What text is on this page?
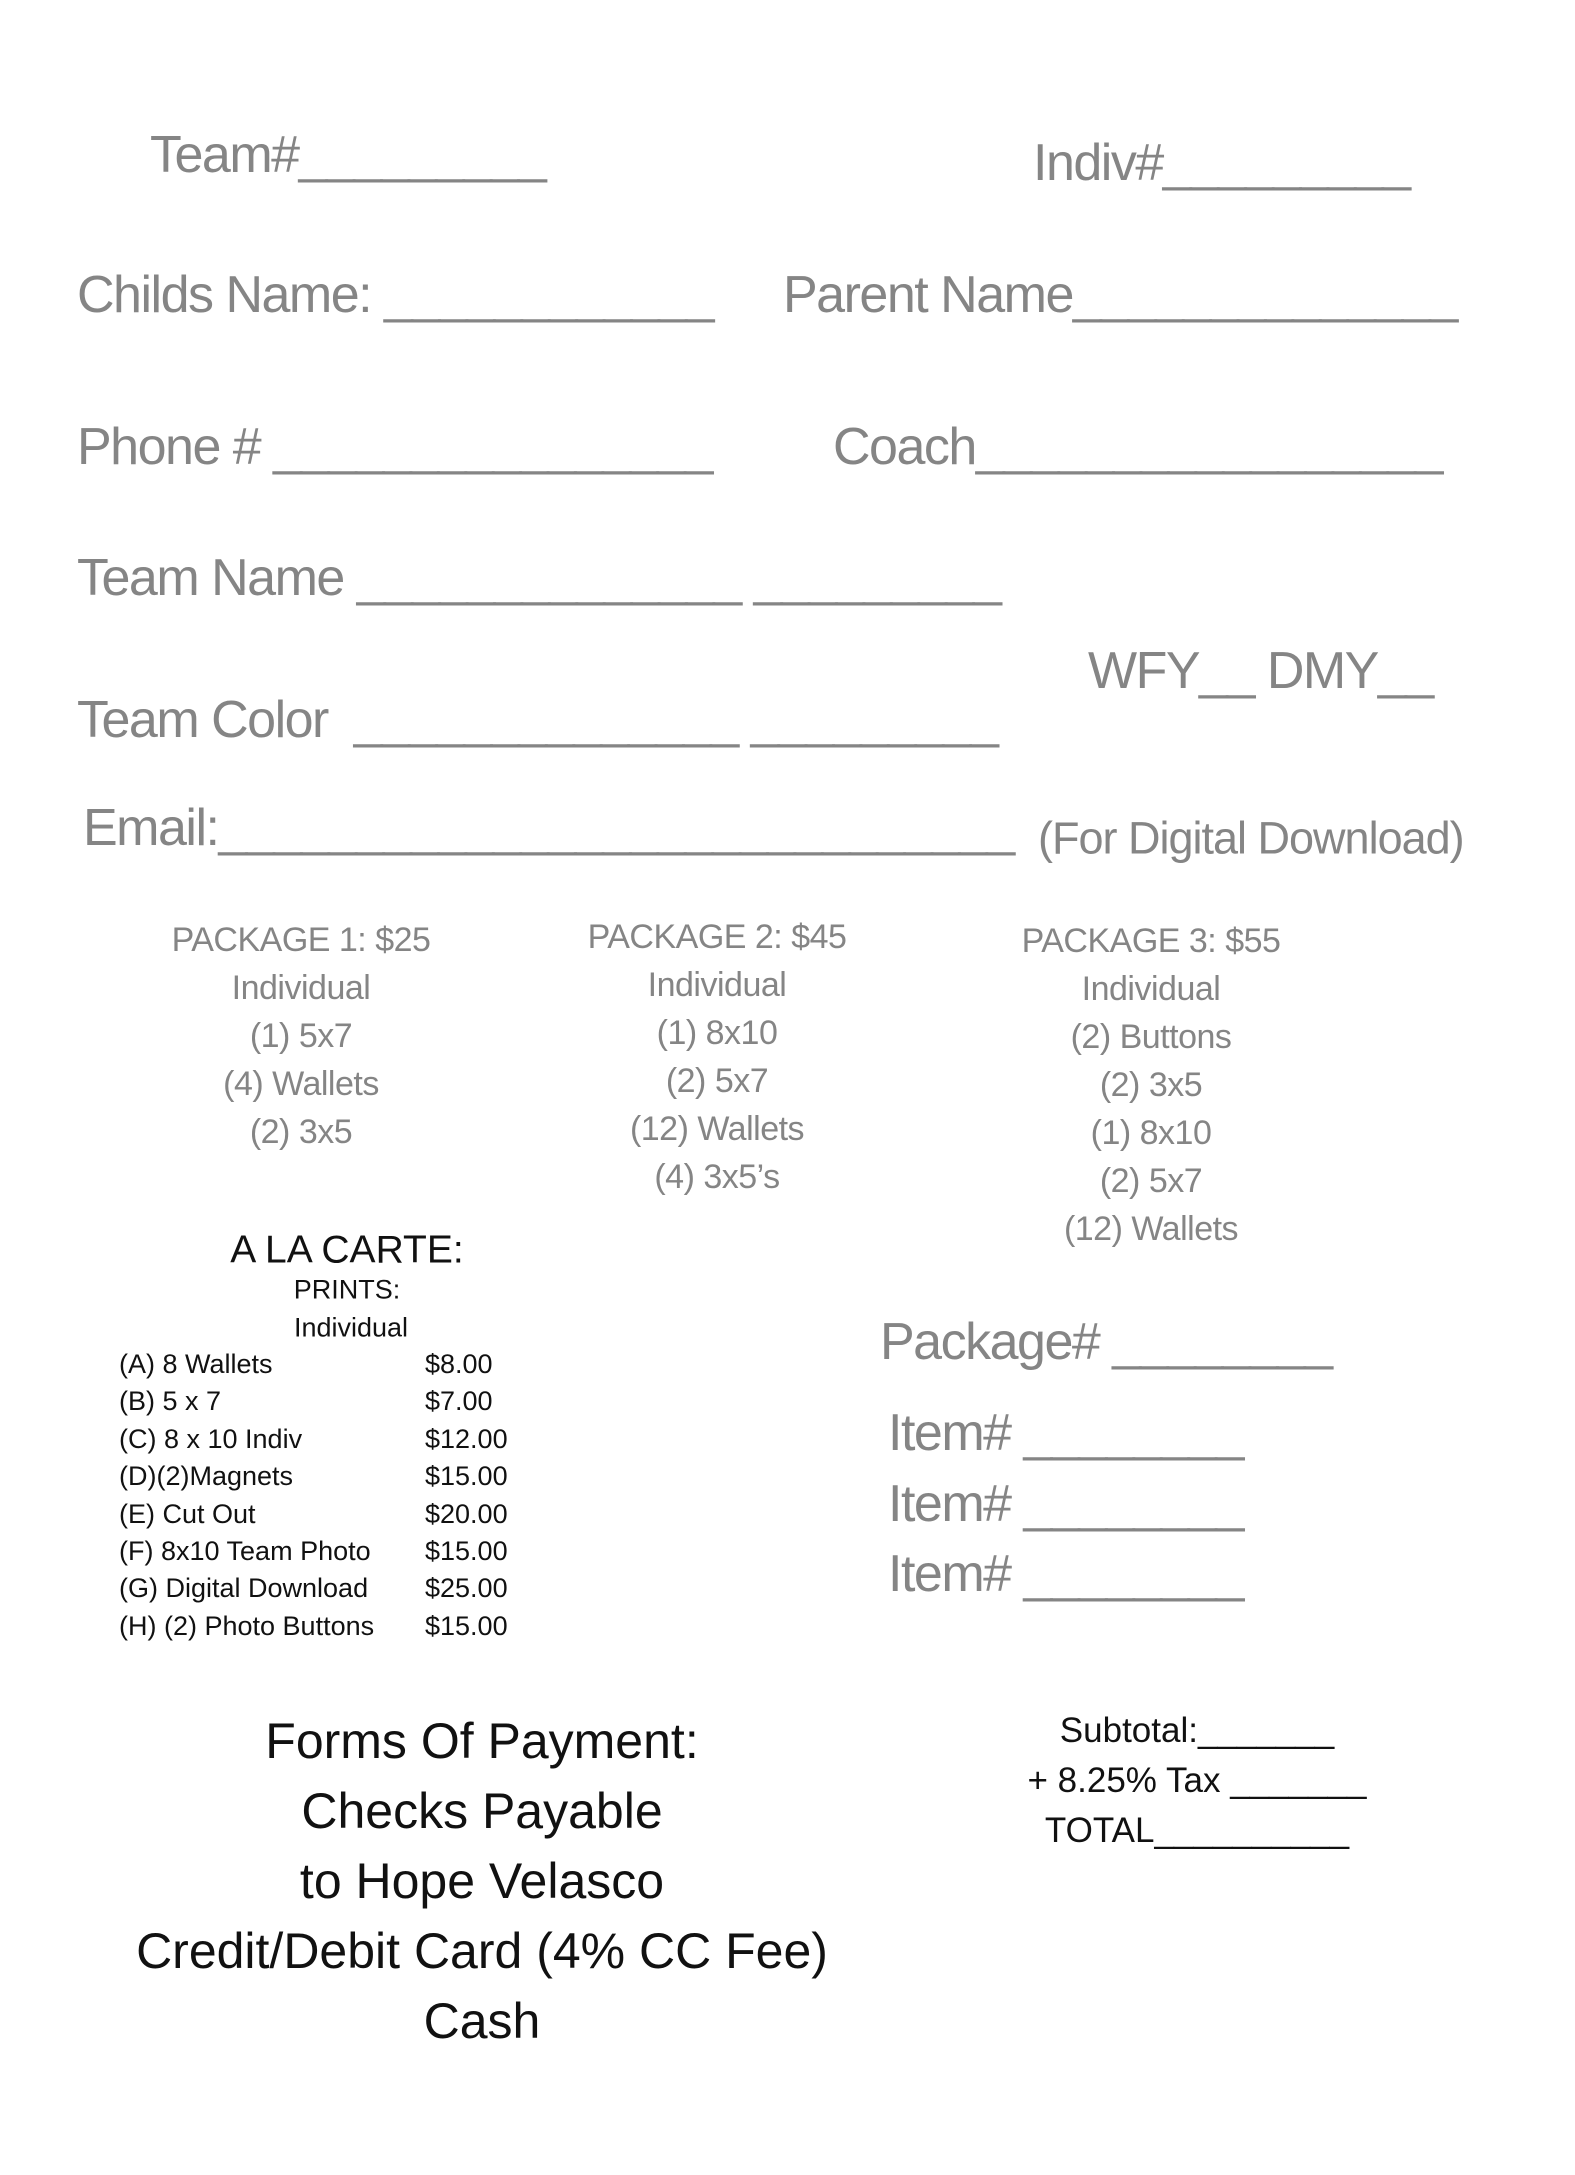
Team#_________	Indiv#_________
Childs Name: ____________ Parent Name______________
Phone # ________________ Coach_________________
Team Name ______________ _________
WFY__ DMY__
Team Color  ______________ _________
Email:_____________________________ (For Digital Download)
PACKAGE 1: $25
Individual
(1) 5x7
(4) Wallets
(2) 3x5
PACKAGE 2: $45
Individual
(1) 8x10
(2) 5x7
(12) Wallets
(4) 3x5’s
PACKAGE 3: $55
Individual
(2) Buttons
(2) 3x5
(1) 8x10
(2) 5x7
(12) Wallets
A LA CARTE:
PRINTS:
Individual
(A) 8 Wallets	$8.00
(B) 5 x 7	$7.00
(C) 8 x 10 Indiv	$12.00
(D)(2)Magnets	$15.00
(E) Cut Out	$20.00
(F) 8x10 Team Photo $15.00
(G) Digital Download $25.00
(H) (2) Photo Buttons $15.00
Package# ________
Item# ________
Item# ________
Item# ________
Forms Of Payment:
Checks Payable
to Hope Velasco
Credit/Debit Card (4% CC Fee)
Cash
Subtotal:_______
+ 8.25% Tax _______
TOTAL__________
